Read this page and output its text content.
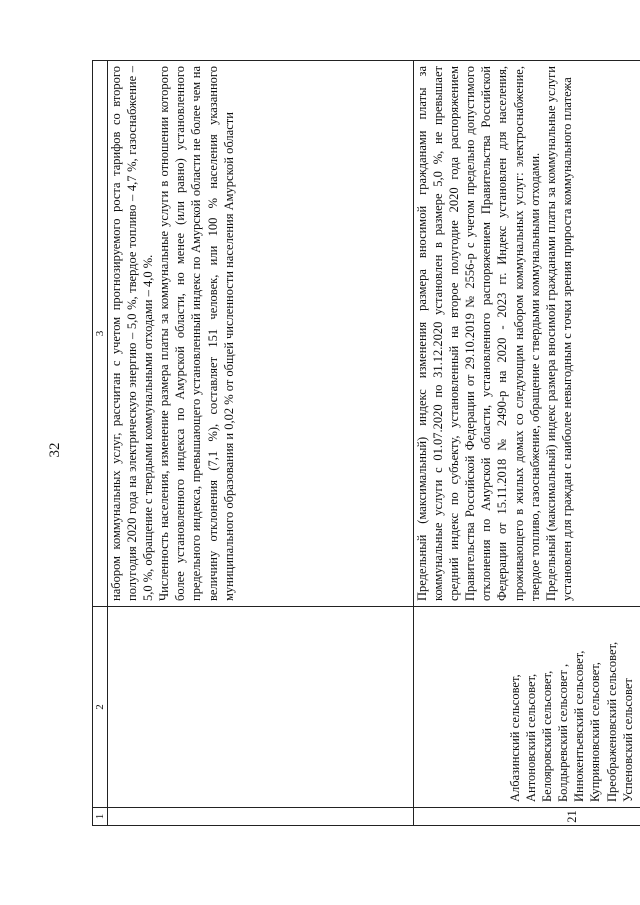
32
1	2	3

		набором коммунальных услуг, рассчитан с учетом прогнозируемого роста тарифов со второго полугодия 2020 года на электрическую энергию – 5,0 %, твердое топливо – 4,7 %, газоснабжение – 5,0 %, обращение с твердыми коммунальными отходами – 4,0 %. Численность населения, изменение размера платы за коммунальные услуги в отношении которого более установленного индекса по Амурской области, но менее (или равно) установленного предельного индекса, превышающего установленный индекс по Амурской области не более чем на величину отклонения (7,1 %), составляет 151 человек, или 100 % населения указанного муниципального образования и 0,02 % от общей численности населения Амурской области

21	Албазинский сельсовет, Антоновский сельсовет, Белояровский сельсовет, Болдыревский сельсовет , Иннокентьевский сельсовет, Куприяновский сельсовет, Преображеновский сельсовет, Успеновский сельсовет	Предельный (максимальный) индекс изменения размера вносимой гражданами платы за коммунальные услуги с 01.07.2020 по 31.12.2020 установлен в размере 5,0 %, не превышает средний индекс по субъекту, установленный на второе полугодие 2020 года распоряжением Правительства Российской Федерации от 29.10.2019 № 2556-р с учетом предельно допустимого отклонения по Амурской области, установленного распоряжением Правительства Российской Федерации от 15.11.2018 № 2490-р на 2020 - 2023 гг. Индекс установлен для населения, проживающего в жилых домах со следующим набором коммунальных услуг: электроснабжение, твердое топливо, газоснабжение, обращение с твердыми коммунальными отходами. Предельный (максимальный) индекс размера вносимой гражданами платы за коммунальные услуги установлен для граждан с наиболее невыгодным с точки зрения прироста коммунального платежа
